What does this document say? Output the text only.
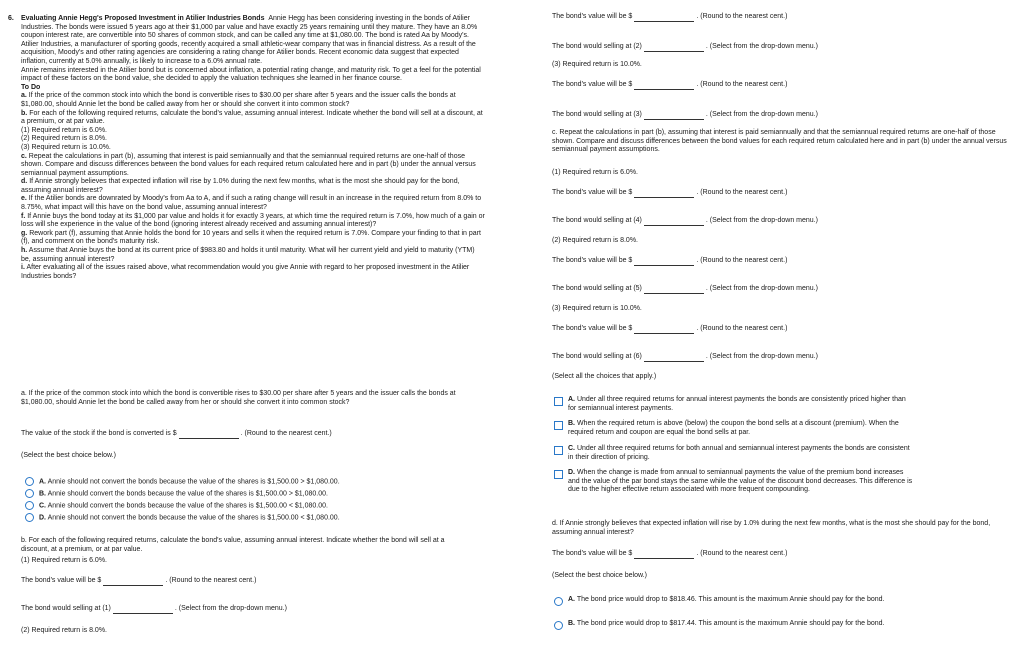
6. Evaluating Annie Hegg's Proposed Investment in Atilier Industries Bonds Annie Hegg has been considering investing in the bonds of Atilier Industries. The bonds were issued 5 years ago at their $1,000 par value and have exactly 25 years remaining until they mature. They have an 8.0% coupon interest rate, are convertible into 50 shares of common stock, and can be called any time at $1,080.00. The bond is rated Aa by Moody's. Atilier Industries, a manufacturer of sporting goods, recently acquired a small athletic-wear company that was in financial distress. As a result of the acquisition, Moody's and other rating agencies are considering a rating change for Atilier bonds. Recent economic data suggest that expected inflation, currently at 5.0% annually, is likely to increase to a 6.0% annual rate.

Annie remains interested in the Atilier bond but is concerned about inflation, a potential rating change, and maturity risk. To get a feel for the potential impact of these factors on the bond value, she decided to apply the valuation techniques she learned in her finance course.

To Do

a. If the price of the common stock into which the bond is convertible rises to $30.00 per share after 5 years and the issuer calls the bonds at $1,080.00, should Annie let the bond be called away from her or should she convert it into common stock?

b. For each of the following required returns, calculate the bond's value, assuming annual interest. Indicate whether the bond will sell at a discount, at a premium, or at par value.

(1) Required return is 6.0%.

(2) Required return is 8.0%.

(3) Required return is 10.0%.

c. Repeat the calculations in part (b), assuming that interest is paid semiannually and that the semiannual required returns are one-half of those shown. Compare and discuss differences between the bond values for each required return calculated here and in part (b) under the annual versus semiannual payment assumptions.

d. If Annie strongly believes that expected inflation will rise by 1.0% during the next few months, what is the most she should pay for the bond, assuming annual interest?

e. If the Atilier bonds are downrated by Moody's from Aa to A, and if such a rating change will result in an increase in the required return from 8.0% to 8.75%, what impact will this have on the bond value, assuming annual interest?

f. If Annie buys the bond today at its $1,000 par value and holds it for exactly 3 years, at which time the required return is 7.0%, how much of a gain or loss will she experience in the value of the bond (ignoring interest already received and assuming annual interest)?

g. Rework part (f), assuming that Annie holds the bond for 10 years and sells it when the required return is 7.0%. Compare your finding to that in part (f), and comment on the bond's maturity risk.

h. Assume that Annie buys the bond at its current price of $983.80 and holds it until maturity. What will her current yield and yield to maturity (YTM) be, assuming annual interest?

i. After evaluating all of the issues raised above, what recommendation would you give Annie with regard to her proposed investment in the Atilier Industries bonds?

a. If the price of the common stock into which the bond is convertible rises to $30.00 per share after 5 years and the issuer calls the bonds at $1,080.00, should Annie let the bond be called away from her or should she convert it into common stock?

The value of the stock if the bond is converted is $	. (Round to the nearest cent.)

(Select the best choice below.)

A. Annie should not convert the bonds because the value of the shares is $1,500.00 > $1,080.00.
B. Annie should convert the bonds because the value of the shares is $1,500.00 > $1,080.00.
C. Annie should convert the bonds because the value of the shares is $1,500.00 < $1,080.00.
D. Annie should not convert the bonds because the value of the shares is $1,500.00 < $1,080.00.

b. For each of the following required returns, calculate the bond's value, assuming annual interest. Indicate whether the bond will sell at a discount, at a premium, or at par value.

(1) Required return is 6.0%.

The bond's value will be $	. (Round to the nearest cent.)

The bond would selling at (1)	. (Select from the drop-down menu.)

(2) Required return is 8.0%.

The bond's value will be $	. (Round to the nearest cent.)

The bond would selling at (2)	. (Select from the drop-down menu.)

(3) Required return is 10.0%.

The bond's value will be $	. (Round to the nearest cent.)

The bond would selling at (3)	. (Select from the drop-down menu.)

c. Repeat the calculations in part (b), assuming that interest is paid semiannually and that the semiannual required returns are one-half of those shown. Compare and discuss differences between the bond values for each required return calculated here and in part (b) under the annual versus semiannual payment assumptions.

(1) Required return is 6.0%.

The bond's value will be $	. (Round to the nearest cent.)

The bond would selling at (4)	. (Select from the drop-down menu.)

(2) Required return is 8.0%.

The bond's value will be $	. (Round to the nearest cent.)

The bond would selling at (5)	. (Select from the drop-down menu.)

(3) Required return is 10.0%.

The bond's value will be $	. (Round to the nearest cent.)

The bond would selling at (6)	. (Select from the drop-down menu.)

(Select all the choices that apply.)

A. Under all three required returns for annual interest payments the bonds are consistently priced higher than for semiannual interest payments.
B. When the required return is above (below) the coupon the bond sells at a discount (premium). When the required return and coupon are equal the bond sells at par.
C. Under all three required returns for both annual and semiannual interest payments the bonds are consistent in their direction of pricing.
D. When the change is made from annual to semiannual payments the value of the premium bond increases and the value of the par bond stays the same while the value of the discount bond decreases. This difference is due to the higher effective return associated with more frequent compounding.

d. If Annie strongly believes that expected inflation will rise by 1.0% during the next few months, what is the most she should pay for the bond, assuming annual interest?

The bond's value will be $	. (Round to the nearest cent.)

(Select the best choice below.)

A. The bond price would drop to $818.46. This amount is the maximum Annie should pay for the bond.
B. The bond price would drop to $817.44. This amount is the maximum Annie should pay for the bond.
